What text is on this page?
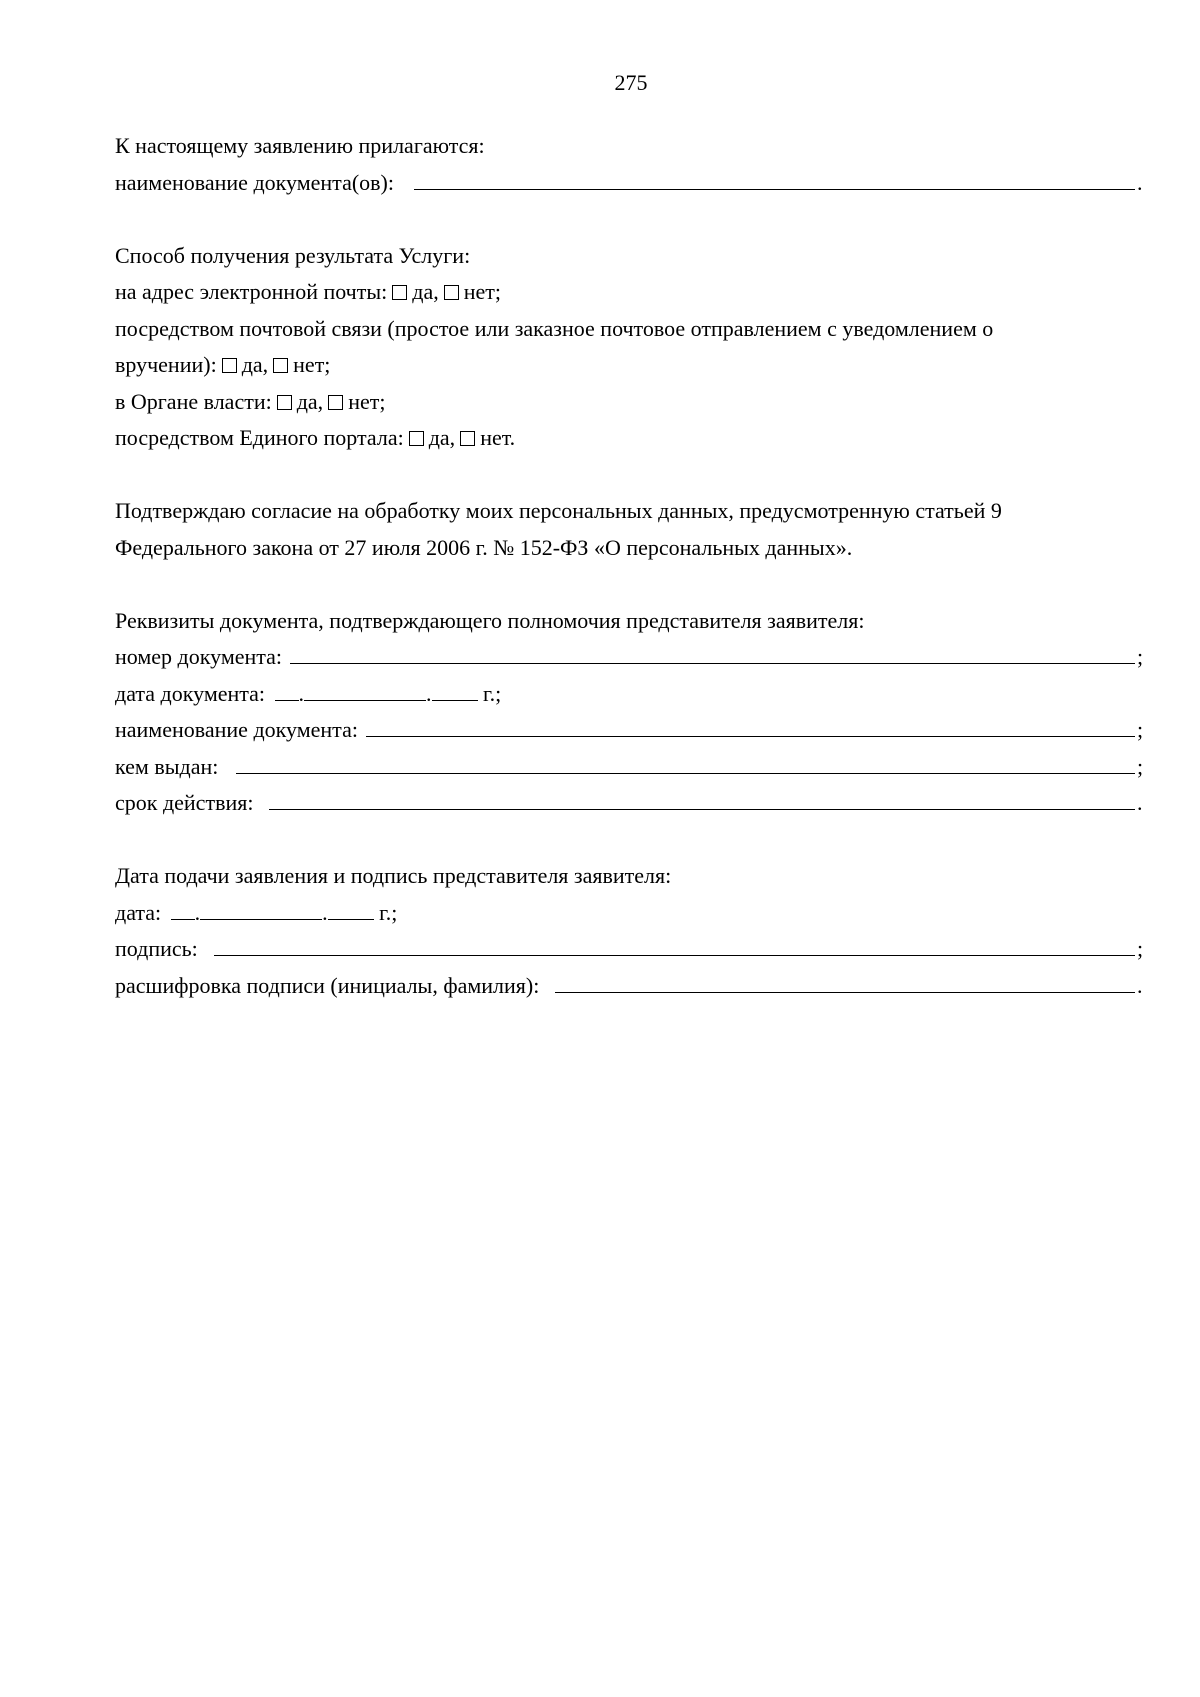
275
К настоящему заявлению прилагаются:
наименование документа(ов):	.
Способ получения результата Услуги:
на адрес электронной почты: да, нет;
посредством почтовой связи (простое или заказное почтовое отправлением с уведомлением о
вручении): да, нет;
в Органе власти: да, нет;
посредством Единого портала: да, нет.
Подтверждаю согласие на обработку моих персональных данных, предусмотренную статьей 9
Федерального закона от 27 июля 2006 г. № 152-ФЗ «О персональных данных».
Реквизиты документа, подтверждающего полномочия представителя заявителя:
номер документа:	;
дата документа: .	. г.;
наименование документа:	;
кем выдан:	;
срок действия:	.
Дата подачи заявления и подпись представителя заявителя:
дата: .	. г.;
подпись:	;
расшифровка подписи (инициалы, фамилия):	.
